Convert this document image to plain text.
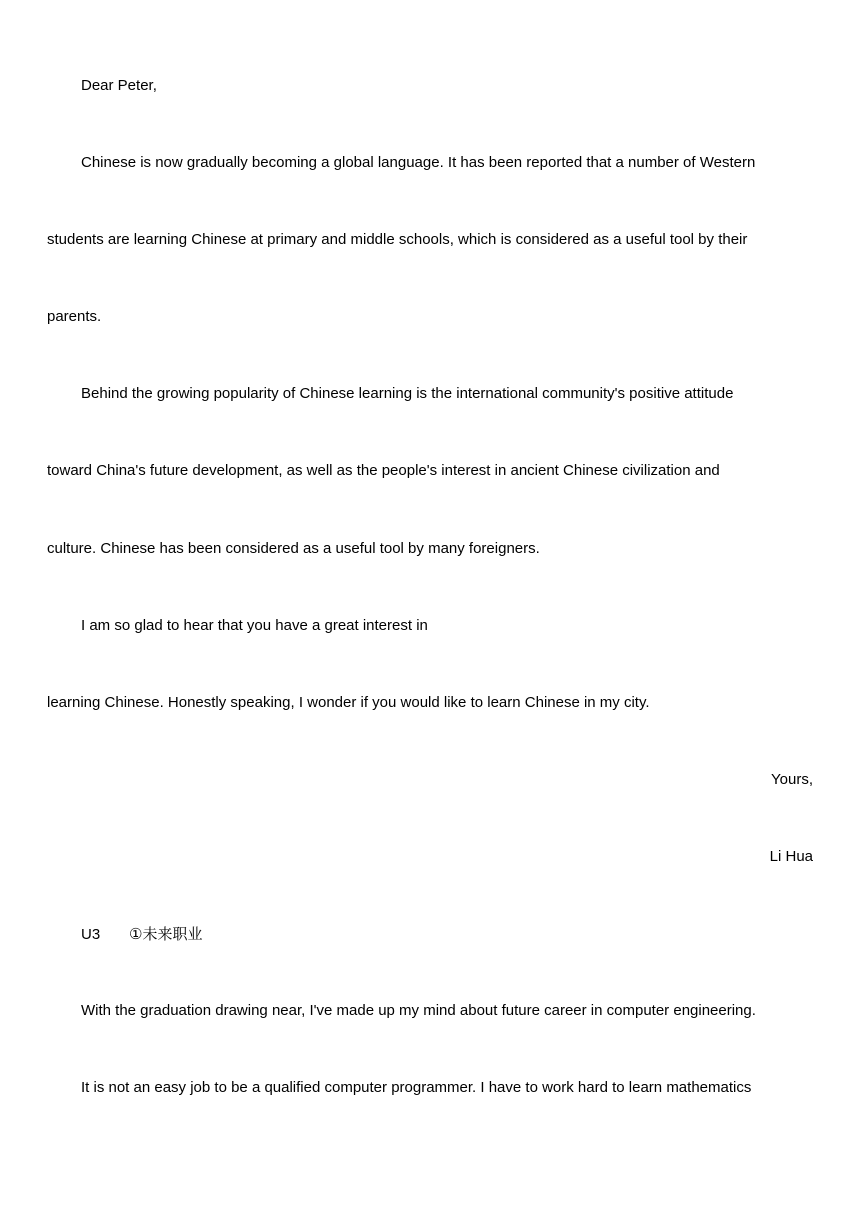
Dear Peter,
Chinese is now gradually becoming a global language. It has been reported that a number of Western
students are learning Chinese at primary and middle schools, which is considered as a useful tool by their
parents.
Behind the growing popularity of Chinese learning is the international community's positive attitude
toward China's future development, as well as the people's interest in ancient Chinese civilization and
culture. Chinese has been considered as a useful tool by many foreigners.
I am so glad to hear that you have a great interest in
learning Chinese. Honestly speaking, I wonder if you would like to learn Chinese in my city.
Yours,
Li Hua
U3 ①未来职业
With the graduation drawing near, I've made up my mind about future career in computer engineering.
It is not an easy job to be a qualified computer programmer. I have to work hard to learn mathematics
